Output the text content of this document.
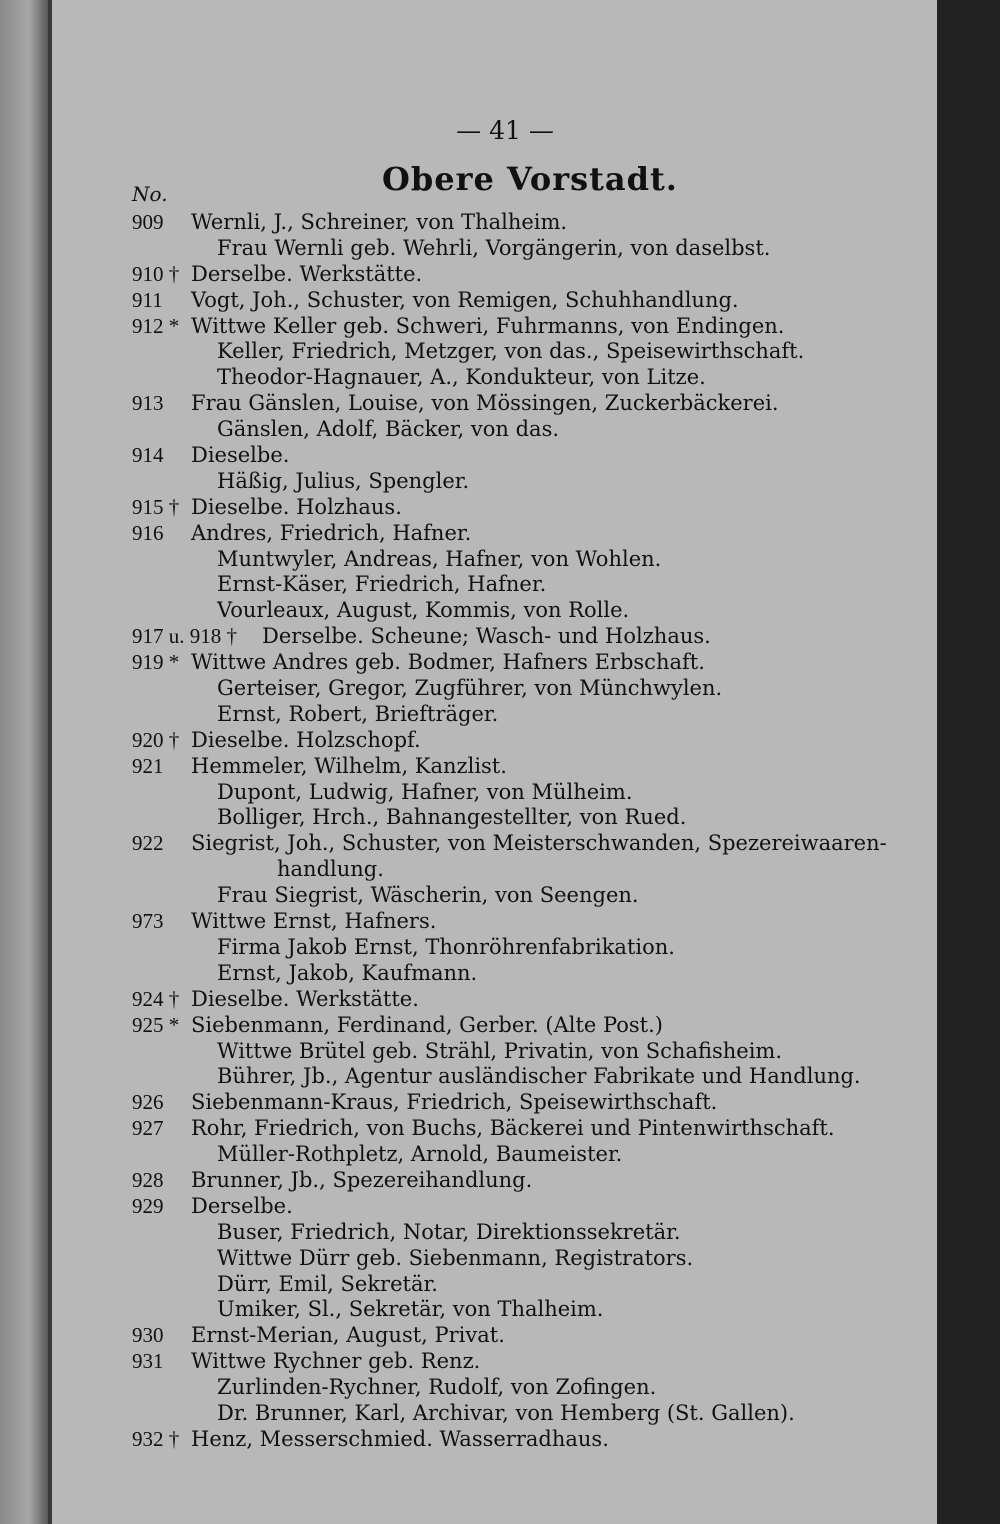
— 41 —
Obere Vorstadt.
No.
909 Wernli, J., Schreiner, von Thalheim.
Frau Wernli geb. Wehrli, Vorgängerin, von daselbst.
910 † Derselbe. Werkstätte.
911 Vogt, Joh., Schuster, von Remigen, Schuhhandlung.
912 * Wittwe Keller geb. Schweri, Fuhrmanns, von Endingen.
Keller, Friedrich, Metzger, von das., Speisewirthschaft.
Theodor-Hagnauer, A., Kondukteur, von Litze.
913 Frau Gänslen, Louise, von Mössingen, Zuckerbäckerei.
Gänslen, Adolf, Bäcker, von das.
914 Dieselbe.
Häßig, Julius, Spengler.
915 † Dieselbe. Holzhaus.
916 Andres, Friedrich, Hafner.
Muntwyler, Andreas, Hafner, von Wohlen.
Ernst-Käser, Friedrich, Hafner.
Vourleaux, August, Kommis, von Rolle.
917 u. 918 † Derselbe. Scheune; Wasch- und Holzhaus.
919 * Wittwe Andres geb. Bodmer, Hafners Erbschaft.
Gerteiser, Gregor, Zugführer, von Münchwylen.
Ernst, Robert, Briefträger.
920 † Dieselbe. Holzschopf.
921 Hemmeler, Wilhelm, Kanzlist.
Dupont, Ludwig, Hafner, von Mülheim.
Bolliger, Hrch., Bahnangestellter, von Rued.
922 Siegrist, Joh., Schuster, von Meisterschwanden, Spezereiwaaren-
handlung.
Frau Siegrist, Wäscherin, von Seengen.
973 Wittwe Ernst, Hafners.
Firma Jakob Ernst, Thonröhrenfabrikation.
Ernst, Jakob, Kaufmann.
924 † Dieselbe. Werkstätte.
925 * Siebenmann, Ferdinand, Gerber. (Alte Post.)
Wittwe Brütel geb. Strähl, Privatin, von Schafisheim.
Bührer, Jb., Agentur ausländischer Fabrikate und Handlung.
926 Siebenmann-Kraus, Friedrich, Speisewirthschaft.
927 Rohr, Friedrich, von Buchs, Bäckerei und Pintenwirthschaft.
Müller-Rothpletz, Arnold, Baumeister.
928 Brunner, Jb., Spezereihandlung.
929 Derselbe.
Buser, Friedrich, Notar, Direktionssekretär.
Wittwe Dürr geb. Siebenmann, Registrators.
Dürr, Emil, Sekretär.
Umiker, Sl., Sekretär, von Thalheim.
930 Ernst-Merian, August, Privat.
931 Wittwe Rychner geb. Renz.
Zurlinden-Rychner, Rudolf, von Zofingen.
Dr. Brunner, Karl, Archivar, von Hemberg (St. Gallen).
932 † Henz, Messerschmied. Wasserradhaus.
